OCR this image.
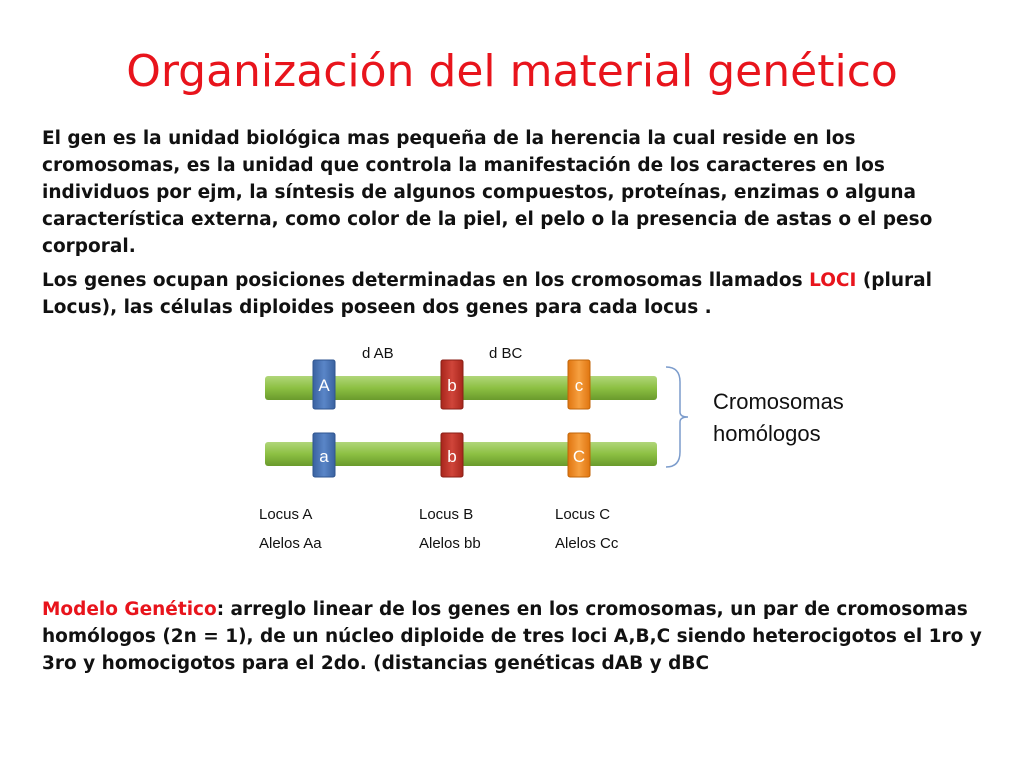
Organización del material genético
El gen es la unidad biológica mas pequeña de la herencia la cual reside en los cromosomas, es la unidad que controla la manifestación de los caracteres en los individuos por ejm, la síntesis de algunos compuestos, proteínas, enzimas o alguna característica externa, como color de la piel, el pelo o la presencia de astas o el peso corporal.
Los genes ocupan posiciones determinadas en los cromosomas llamados LOCI (plural Locus), las células diploides poseen dos genes para cada locus .
d AB	d BC
A	b	c
a	b	C
Cromosomas
homólogos
Locus A	Locus B	Locus C
Alelos Aa	Alelos bb	Alelos Cc
Modelo Genético: arreglo linear de los genes en los cromosomas, un par de cromosomas homólogos (2n = 1), de un núcleo diploide de tres loci A,B,C siendo heterocigotos el 1ro y 3ro y homocigotos para el 2do. (distancias genéticas dAB y dBC
